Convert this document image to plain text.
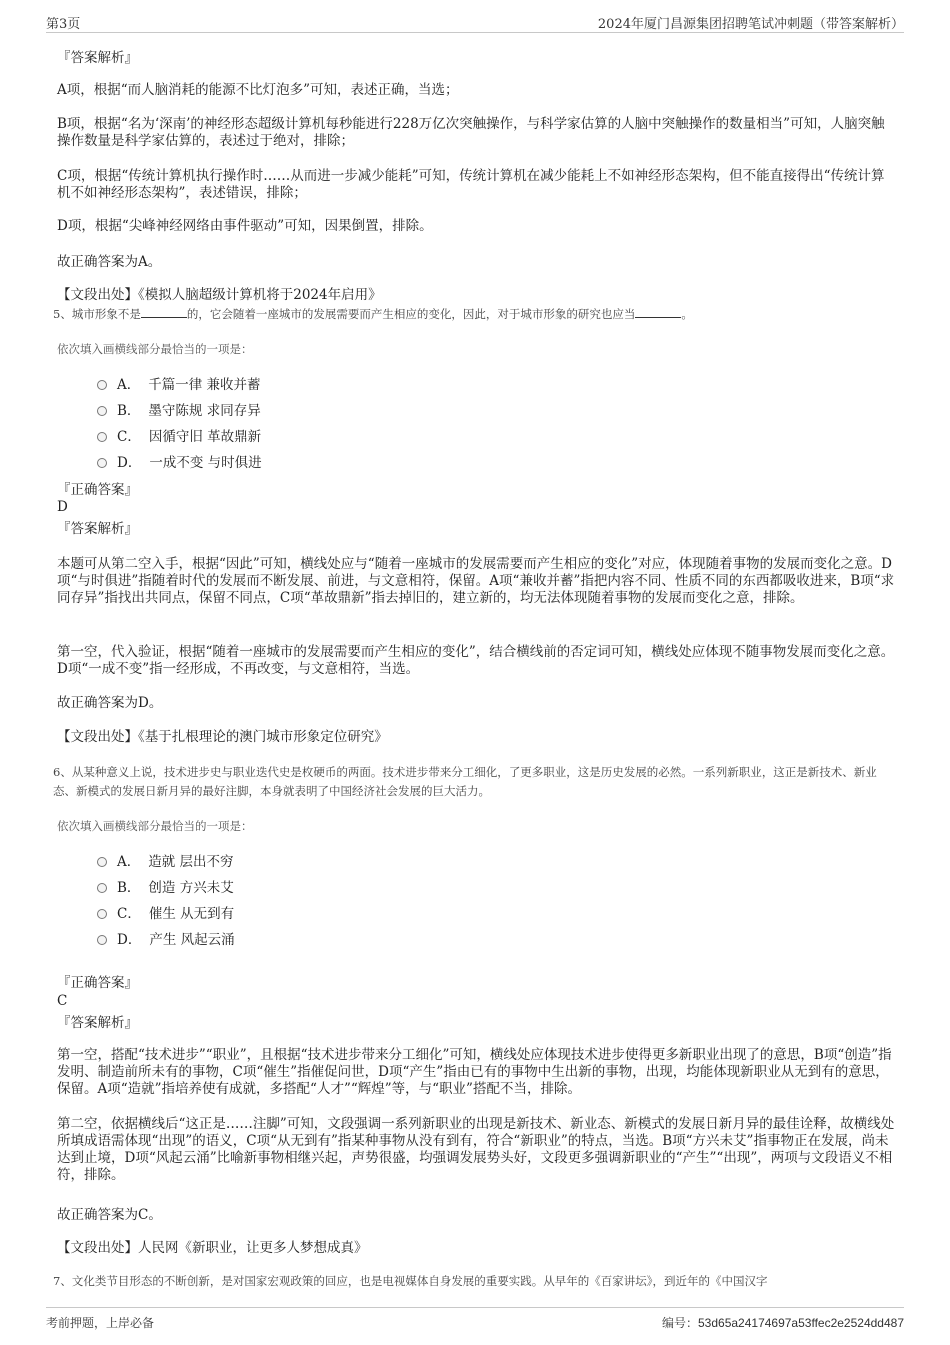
第3页	2024年厦门昌源集团招聘笔试冲刺题（带答案解析）

『答案解析』

A项，根据“而人脑消耗的能源不比灯泡多”可知，表述正确，当选；

B项，根据“名为‘深南’的神经形态超级计算机每秒能进行228万亿次突触操作，与科学家估算的人脑中突触操作的数量相当”可知，人脑突触操作数量是科学家估算的，表述过于绝对，排除；

C项，根据“传统计算机执行操作时……从而进一步减少能耗”可知，传统计算机在减少能耗上不如神经形态架构，但不能直接得出“传统计算机不如神经形态架构”，表述错误，排除；

D项，根据“尖峰神经网络由事件驱动”可知，因果倒置，排除。

故正确答案为A。

【文段出处】《模拟人脑超级计算机将于2024年启用》

5、城市形象不是	的，它会随着一座城市的发展需要而产生相应的变化，因此，对于城市形象的研究也应当	。

依次填入画横线部分最恰当的一项是：
A． 千篇一律 兼收并蓄
B． 墨守陈规 求同存异
C． 因循守旧 革故鼎新
D． 一成不变 与时俱进

『正确答案』

D

『答案解析』

本题可从第二空入手，根据“因此”可知，横线处应与“随着一座城市的发展需要而产生相应的变化”对应，体现随着事物的发展而变化之意。D项“与时俱进”指随着时代的发展而不断发展、前进，与文意相符，保留。A项“兼收并蓄”指把内容不同、性质不同的东西都吸收进来，B项“求同存异”指找出共同点，保留不同点，C项“革故鼎新”指去掉旧的，建立新的，均无法体现随着事物的发展而变化之意，排除。

第一空，代入验证，根据“随着一座城市的发展需要而产生相应的变化”，结合横线前的否定词可知，横线处应体现不随事物发展而变化之意。D项“一成不变”指一经形成，不再改变，与文意相符，当选。

故正确答案为D。

【文段出处】《基于扎根理论的澳门城市形象定位研究》

6、从某种意义上说，技术进步史与职业迭代史是枚硬币的两面。技术进步带来分工细化，了更多职业，这是历史发展的必然。一系列新职业，这正是新技术、新业态、新模式的发展日新月异的最好注脚，本身就表明了中国经济社会发展的巨大活力。

依次填入画横线部分最恰当的一项是：
A． 造就 层出不穷
B． 创造 方兴未艾
C． 催生 从无到有
D． 产生 风起云涌

『正确答案』

C

『答案解析』

第一空，搭配“技术进步”“职业”，且根据“技术进步带来分工细化”可知，横线处应体现技术进步使得更多新职业出现了的意思，B项“创造”指发明、制造前所未有的事物，C项“催生”指催促问世，D项“产生”指由已有的事物中生出新的事物，出现，均能体现新职业从无到有的意思，保留。A项“造就”指培养使有成就，多搭配“人才”“辉煌”等，与“职业”搭配不当，排除。

第二空，依据横线后“这正是……注脚”可知，文段强调一系列新职业的出现是新技术、新业态、新模式的发展日新月异的最佳诠释，故横线处所填成语需体现“出现”的语义，C项“从无到有”指某种事物从没有到有，符合“新职业”的特点，当选。B项“方兴未艾”指事物正在发展，尚未达到止境，D项“风起云涌”比喻新事物相继兴起，声势很盛，均强调发展势头好，文段更多强调新职业的“产生”“出现”，两项与文段语义不相符，排除。

故正确答案为C。

【文段出处】人民网《新职业，让更多人梦想成真》

7、文化类节目形态的不断创新，是对国家宏观政策的回应，也是电视媒体自身发展的重要实践。从早年的《百家讲坛》，到近年的《中国汉字

考前押题，上岸必备	编号：53d65a24174697a53ffec2e2524dd487
